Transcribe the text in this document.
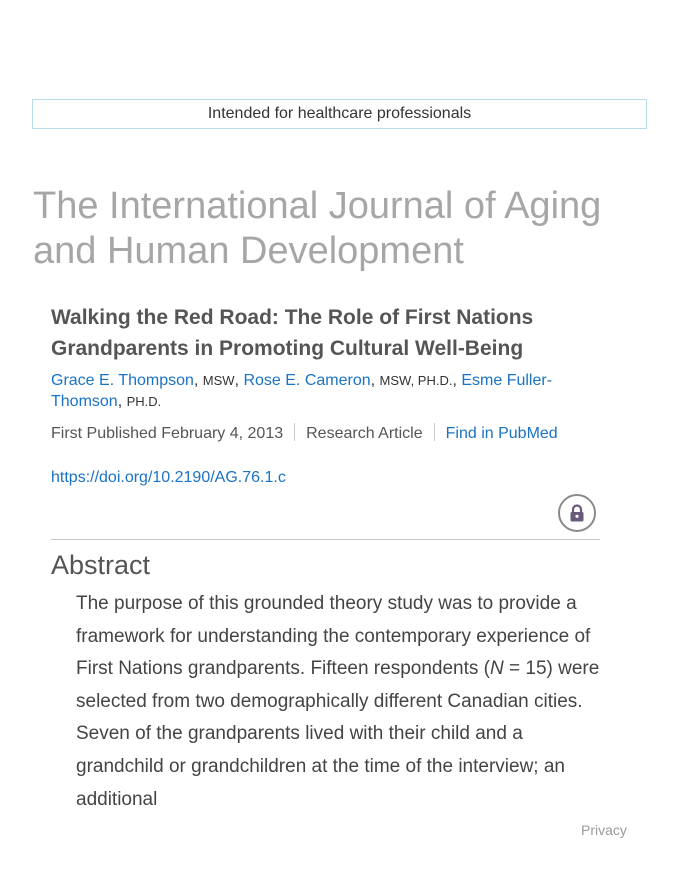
Intended for healthcare professionals
The International Journal of Aging and Human Development
Walking the Red Road: The Role of First Nations Grandparents in Promoting Cultural Well-Being
Grace E. Thompson, MSW, Rose E. Cameron, MSW, PH.D., Esme Fuller-Thomson, PH.D.
First Published February 4, 2013 Research Article Find in PubMed
https://doi.org/10.2190/AG.76.1.c
Abstract

The purpose of this grounded theory study was to provide a framework for understanding the contemporary experience of First Nations grandparents. Fifteen respondents (N = 15) were selected from two demographically different Canadian cities. Seven of the grandparents lived with their child and a grandchild or grandchildren at the time of the interview; an additional

Privacy
